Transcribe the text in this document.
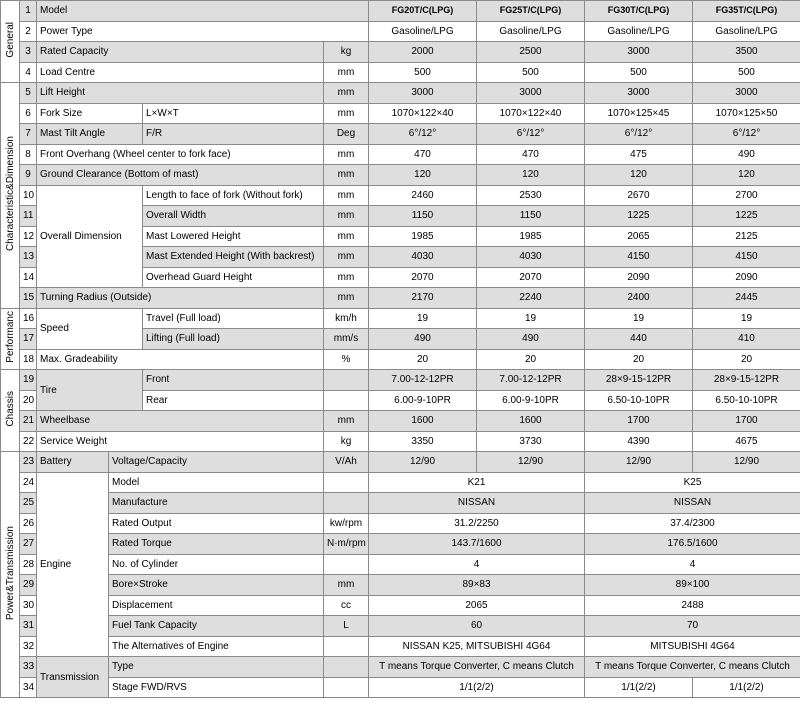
General	1	Model				FG20T/C(LPG)	FG25T/C(LPG)	FG30T/C(LPG)	FG35T/C(LPG)
	2	Power Type				Gasoline/LPG	Gasoline/LPG	Gasoline/LPG	Gasoline/LPG
	3	Rated Capacity			kg	2000	2500	3000	3500
	4	Load Centre			mm	500	500	500	500
Characteristic&Dimension	5	Lift Height			mm	3000	3000	3000	3000
	6	Fork Size		L×W×T	mm	1070×122×40	1070×122×40	1070×125×45	1070×125×50
	7	Mast Tilt Angle		F/R	Deg	6°/12°	6°/12°	6°/12°	6°/12°
	8	Front Overhang (Wheel center to fork face)			mm	470	470	475	490
	9	Ground Clearance (Bottom of mast)			mm	120	120	120	120
	10	Overall Dimension		Length to face of fork (Without fork)	mm	2460	2530	2670	2700
	11			Overall Width	mm	1150	1150	1225	1225
	12			Mast Lowered Height	mm	1985	1985	2065	2125
	13			Mast Extended Height (With backrest)	mm	4030	4030	4150	4150
	14			Overhead Guard Height	mm	2070	2070	2090	2090
	15	Turning Radius (Outside)			mm	2170	2240	2400	2445
Performanc	16	Speed		Travel (Full load)	km/h	19	19	19	19
	17			Lifting (Full load)	mm/s	490	490	440	410
	18	Max. Gradeability			%	20	20	20	20
Chassis	19	Tire		Front		7.00-12-12PR	7.00-12-12PR	28×9-15-12PR	28×9-15-12PR
	20			Rear		6.00-9-10PR	6.00-9-10PR	6.50-10-10PR	6.50-10-10PR
	21	Wheelbase			mm	1600	1600	1700	1700
	22	Service Weight			kg	3350	3730	4390	4675
Power&Transmission	23	Battery	Voltage/Capacity		V/Ah	12/90	12/90	12/90	12/90
	24	Engine	Model			K21		K25	
	25		Manufacture			NISSAN		NISSAN	
	26		Rated Output		kw/rpm	31.2/2250		37.4/2300	
	27		Rated Torque		N·m/rpm	143.7/1600		176.5/1600	
	28		No. of Cylinder			4		4	
	29		Bore×Stroke		mm	89×83		89×100	
	30		Displacement		cc	2065		2488	
	31		Fuel Tank Capacity		L	60		70	
	32		The Alternatives of Engine			NISSAN K25, MITSUBISHI 4G64		MITSUBISHI 4G64	
	33	Transmission	Type			T means Torque Converter, C means Clutch		T means Torque Converter, C means Clutch	
	34		Stage FWD/RVS			1/1(2/2)		1/1(2/2)	1/1(2/2)
